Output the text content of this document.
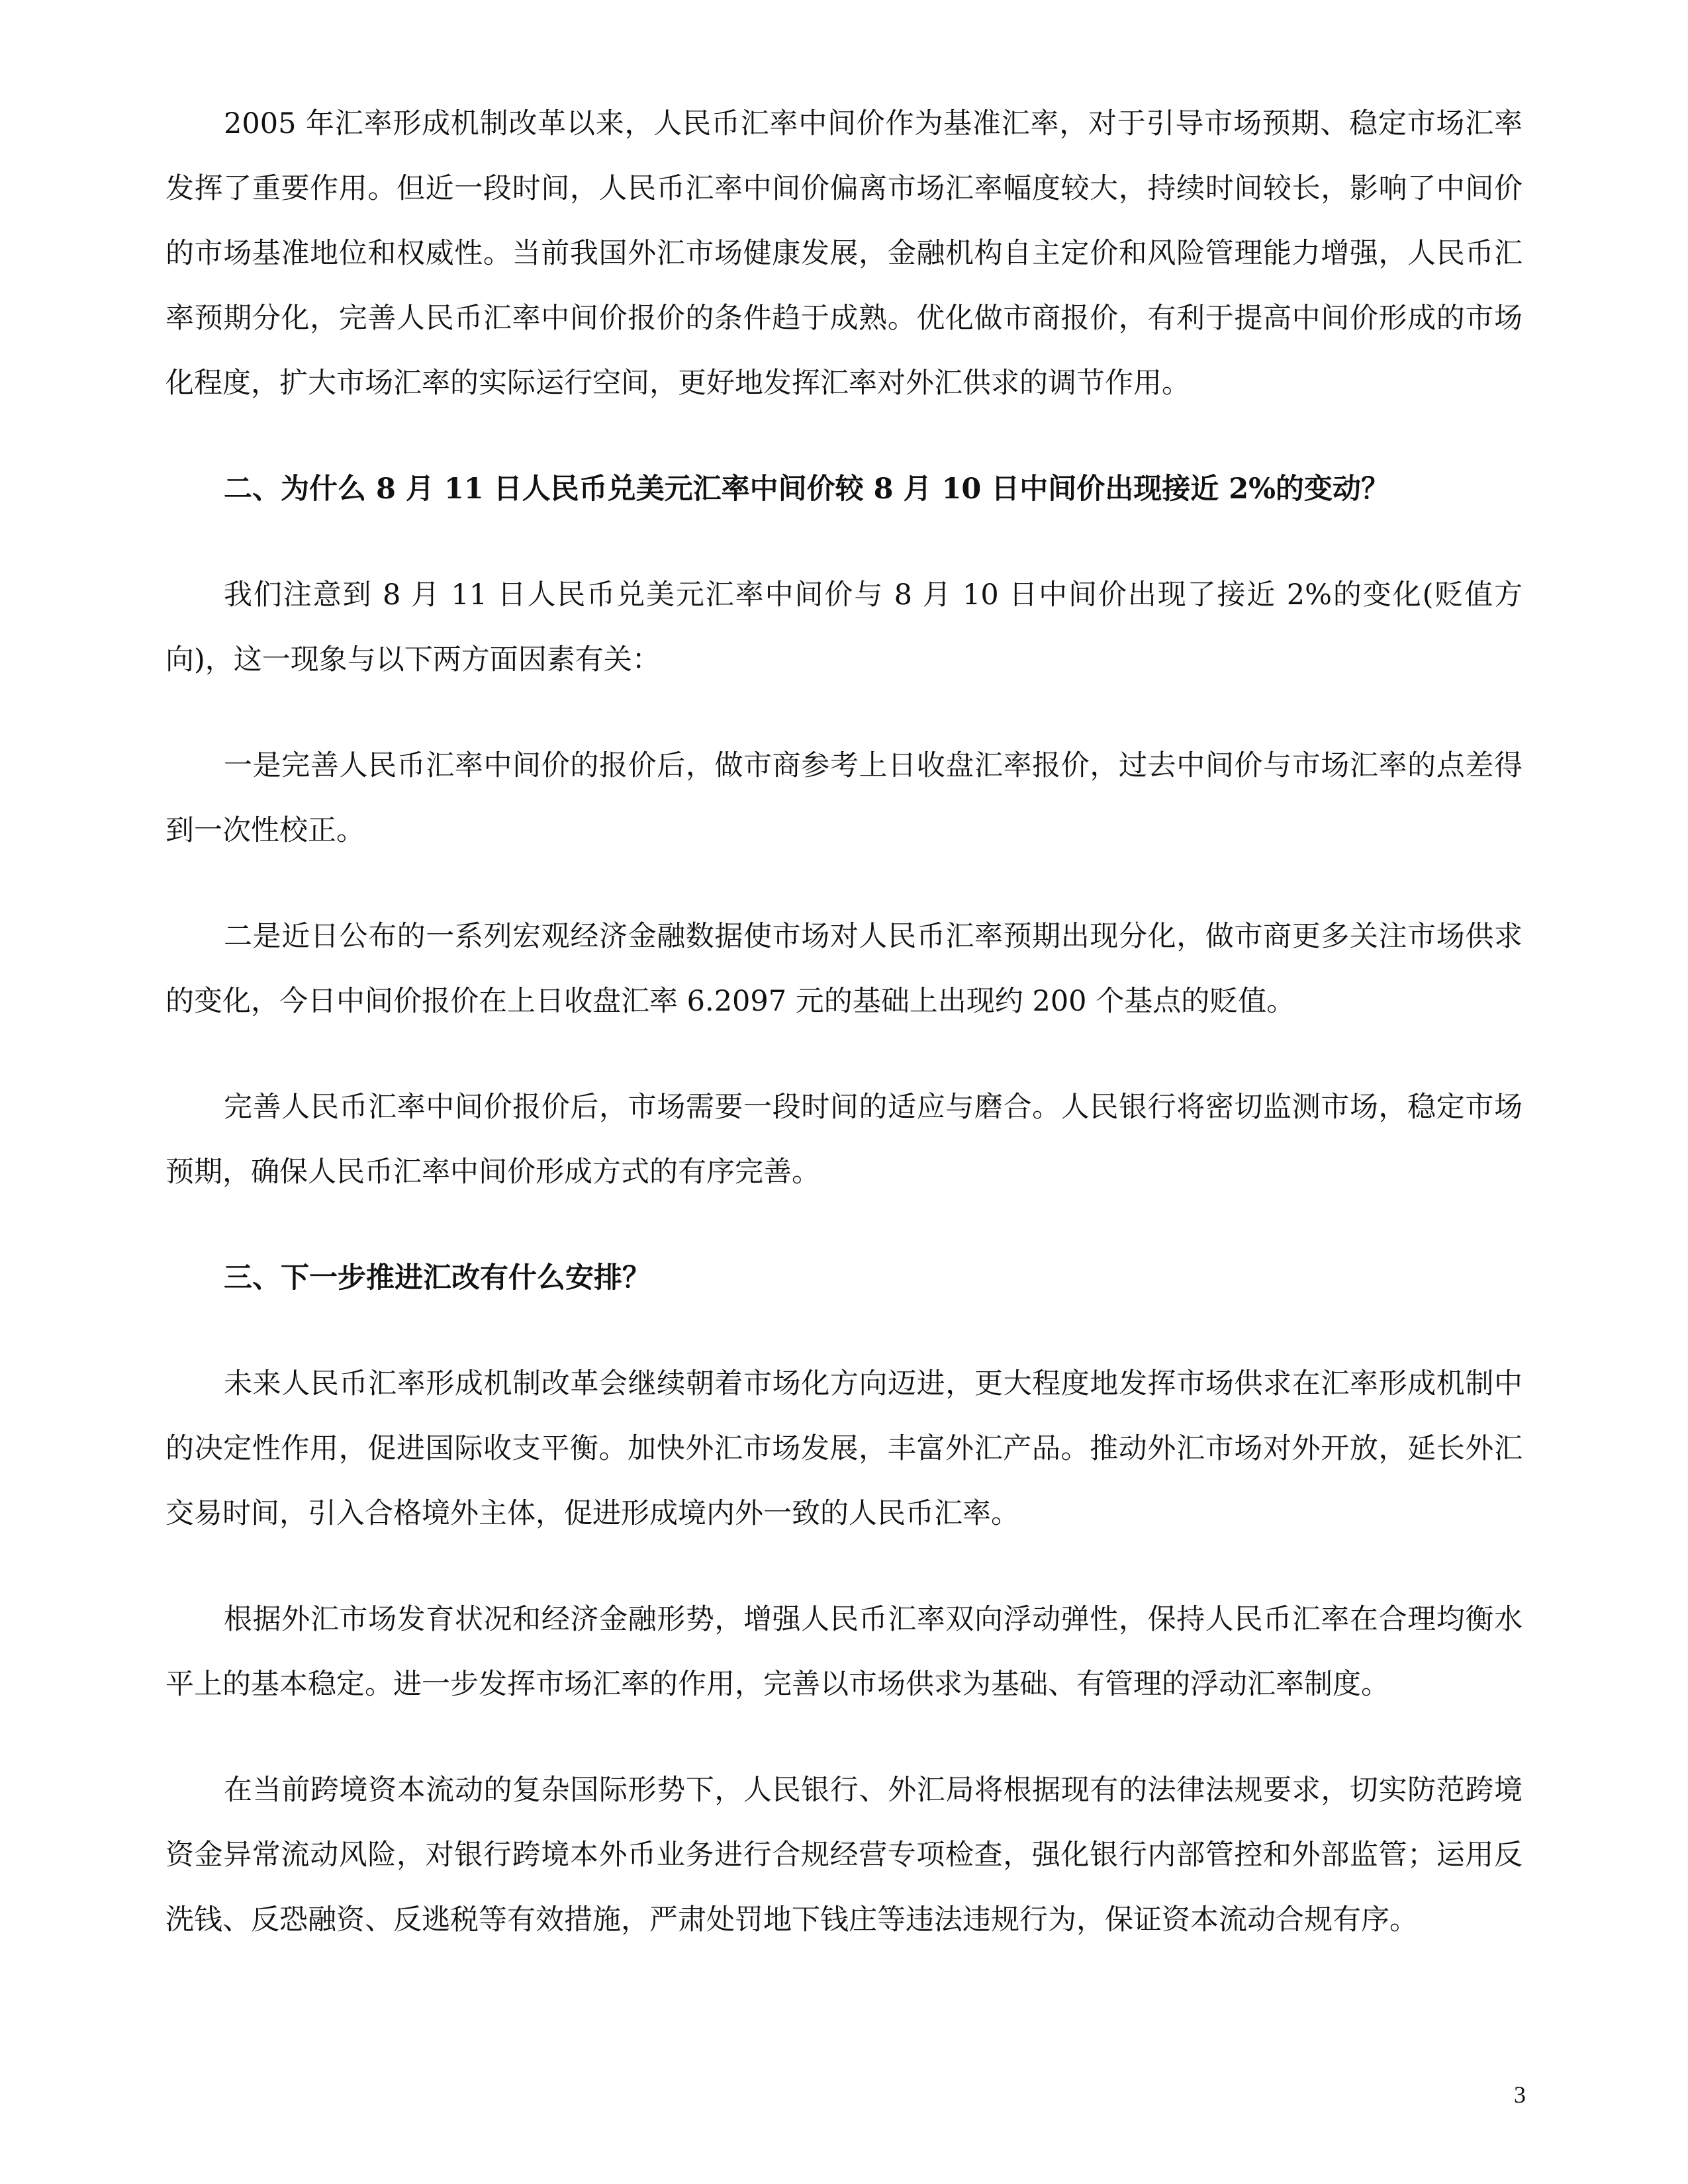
2005 年汇率形成机制改革以来，人民币汇率中间价作为基准汇率，对于引导市场预期、稳定市场汇率发挥了重要作用。但近一段时间，人民币汇率中间价偏离市场汇率幅度较大，持续时间较长，影响了中间价的市场基准地位和权威性。当前我国外汇市场健康发展，金融机构自主定价和风险管理能力增强，人民币汇率预期分化，完善人民币汇率中间价报价的条件趋于成熟。优化做市商报价，有利于提高中间价形成的市场化程度，扩大市场汇率的实际运行空间，更好地发挥汇率对外汇供求的调节作用。

二、为什么 8 月 11 日人民币兑美元汇率中间价较 8 月 10 日中间价出现接近 2%的变动？

我们注意到 8 月 11 日人民币兑美元汇率中间价与 8 月 10 日中间价出现了接近 2%的变化(贬值方向)，这一现象与以下两方面因素有关：

一是完善人民币汇率中间价的报价后，做市商参考上日收盘汇率报价，过去中间价与市场汇率的点差得到一次性校正。

二是近日公布的一系列宏观经济金融数据使市场对人民币汇率预期出现分化，做市商更多关注市场供求的变化，今日中间价报价在上日收盘汇率 6.2097 元的基础上出现约 200 个基点的贬值。

完善人民币汇率中间价报价后，市场需要一段时间的适应与磨合。人民银行将密切监测市场，稳定市场预期，确保人民币汇率中间价形成方式的有序完善。

三、下一步推进汇改有什么安排？

未来人民币汇率形成机制改革会继续朝着市场化方向迈进，更大程度地发挥市场供求在汇率形成机制中的决定性作用，促进国际收支平衡。加快外汇市场发展，丰富外汇产品。推动外汇市场对外开放，延长外汇交易时间，引入合格境外主体，促进形成境内外一致的人民币汇率。

根据外汇市场发育状况和经济金融形势，增强人民币汇率双向浮动弹性，保持人民币汇率在合理均衡水平上的基本稳定。进一步发挥市场汇率的作用，完善以市场供求为基础、有管理的浮动汇率制度。

在当前跨境资本流动的复杂国际形势下，人民银行、外汇局将根据现有的法律法规要求，切实防范跨境资金异常流动风险，对银行跨境本外币业务进行合规经营专项检查，强化银行内部管控和外部监管；运用反洗钱、反恐融资、反逃税等有效措施，严肃处罚地下钱庄等违法违规行为，保证资本流动合规有序。

3
